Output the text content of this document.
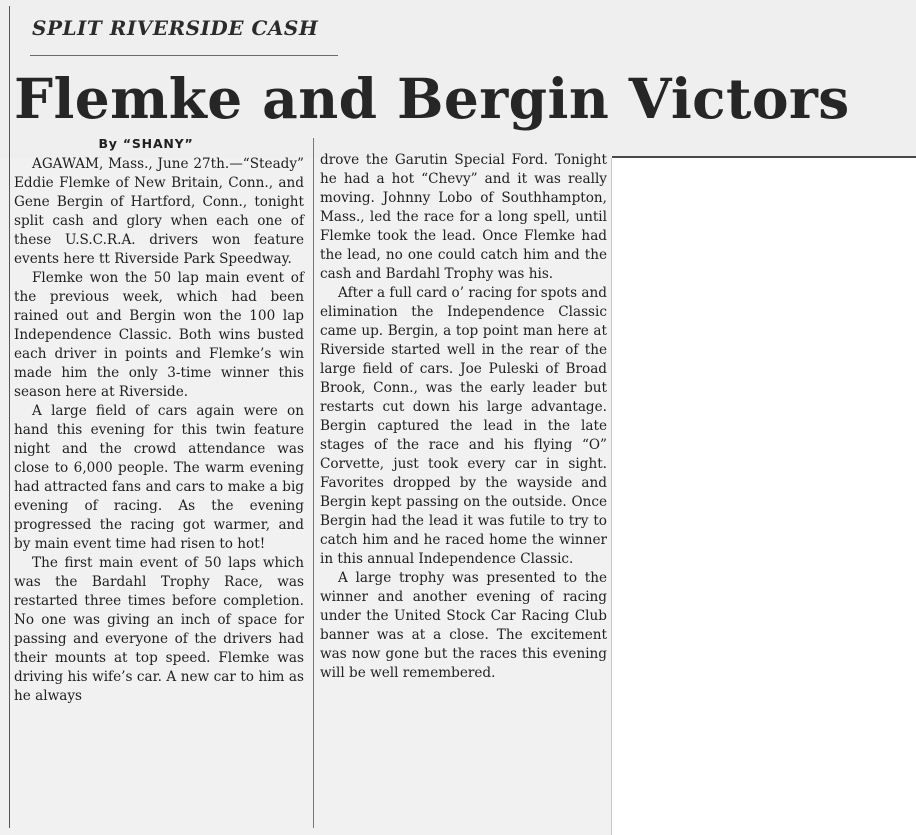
SPLIT RIVERSIDE CASH
Flemke and Bergin Victors
By “SHANY”

AGAWAM, Mass., June 27th.—“Steady” Eddie Flemke of New Britain, Conn., and Gene Bergin of Hartford, Conn., tonight split cash and glory when each one of these U.S.C.R.A. drivers won feature events here tt Riverside Park Speedway.

Flemke won the 50 lap main event of the previous week, which had been rained out and Bergin won the 100 lap Independence Classic. Both wins busted each driver in points and Flemke’s win made him the only 3-time winner this season here at Riverside.

A large field of cars again were on hand this evening for this twin feature night and the crowd attendance was close to 6,000 people. The warm evening had attracted fans and cars to make a big evening of racing. As the evening progressed the racing got warmer, and by main event time had risen to hot!

The first main event of 50 laps which was the Bardahl Trophy Race, was restarted three times before completion. No one was giving an inch of space for passing and everyone of the drivers had their mounts at top speed. Flemke was driving his wife’s car. A new car to him as he always

drove the Garutin Special Ford. Tonight he had a hot “Chevy” and it was really moving. Johnny Lobo of Southhampton, Mass., led the race for a long spell, until Flemke took the lead. Once Flemke had the lead, no one could catch him and the cash and Bardahl Trophy was his.

After a full card o’ racing for spots and elimination the Independence Classic came up. Bergin, a top point man here at Riverside started well in the rear of the large field of cars. Joe Puleski of Broad Brook, Conn., was the early leader but restarts cut down his large advantage. Bergin captured the lead in the late stages of the race and his flying “O” Corvette, just took every car in sight. Favorites dropped by the wayside and Bergin kept passing on the outside. Once Bergin had the lead it was futile to try to catch him and he raced home the winner in this annual Independence Classic.

A large trophy was presented to the winner and another evening of racing under the United Stock Car Racing Club banner was at a close. The excitement was now gone but the races this evening will be well remembered.
